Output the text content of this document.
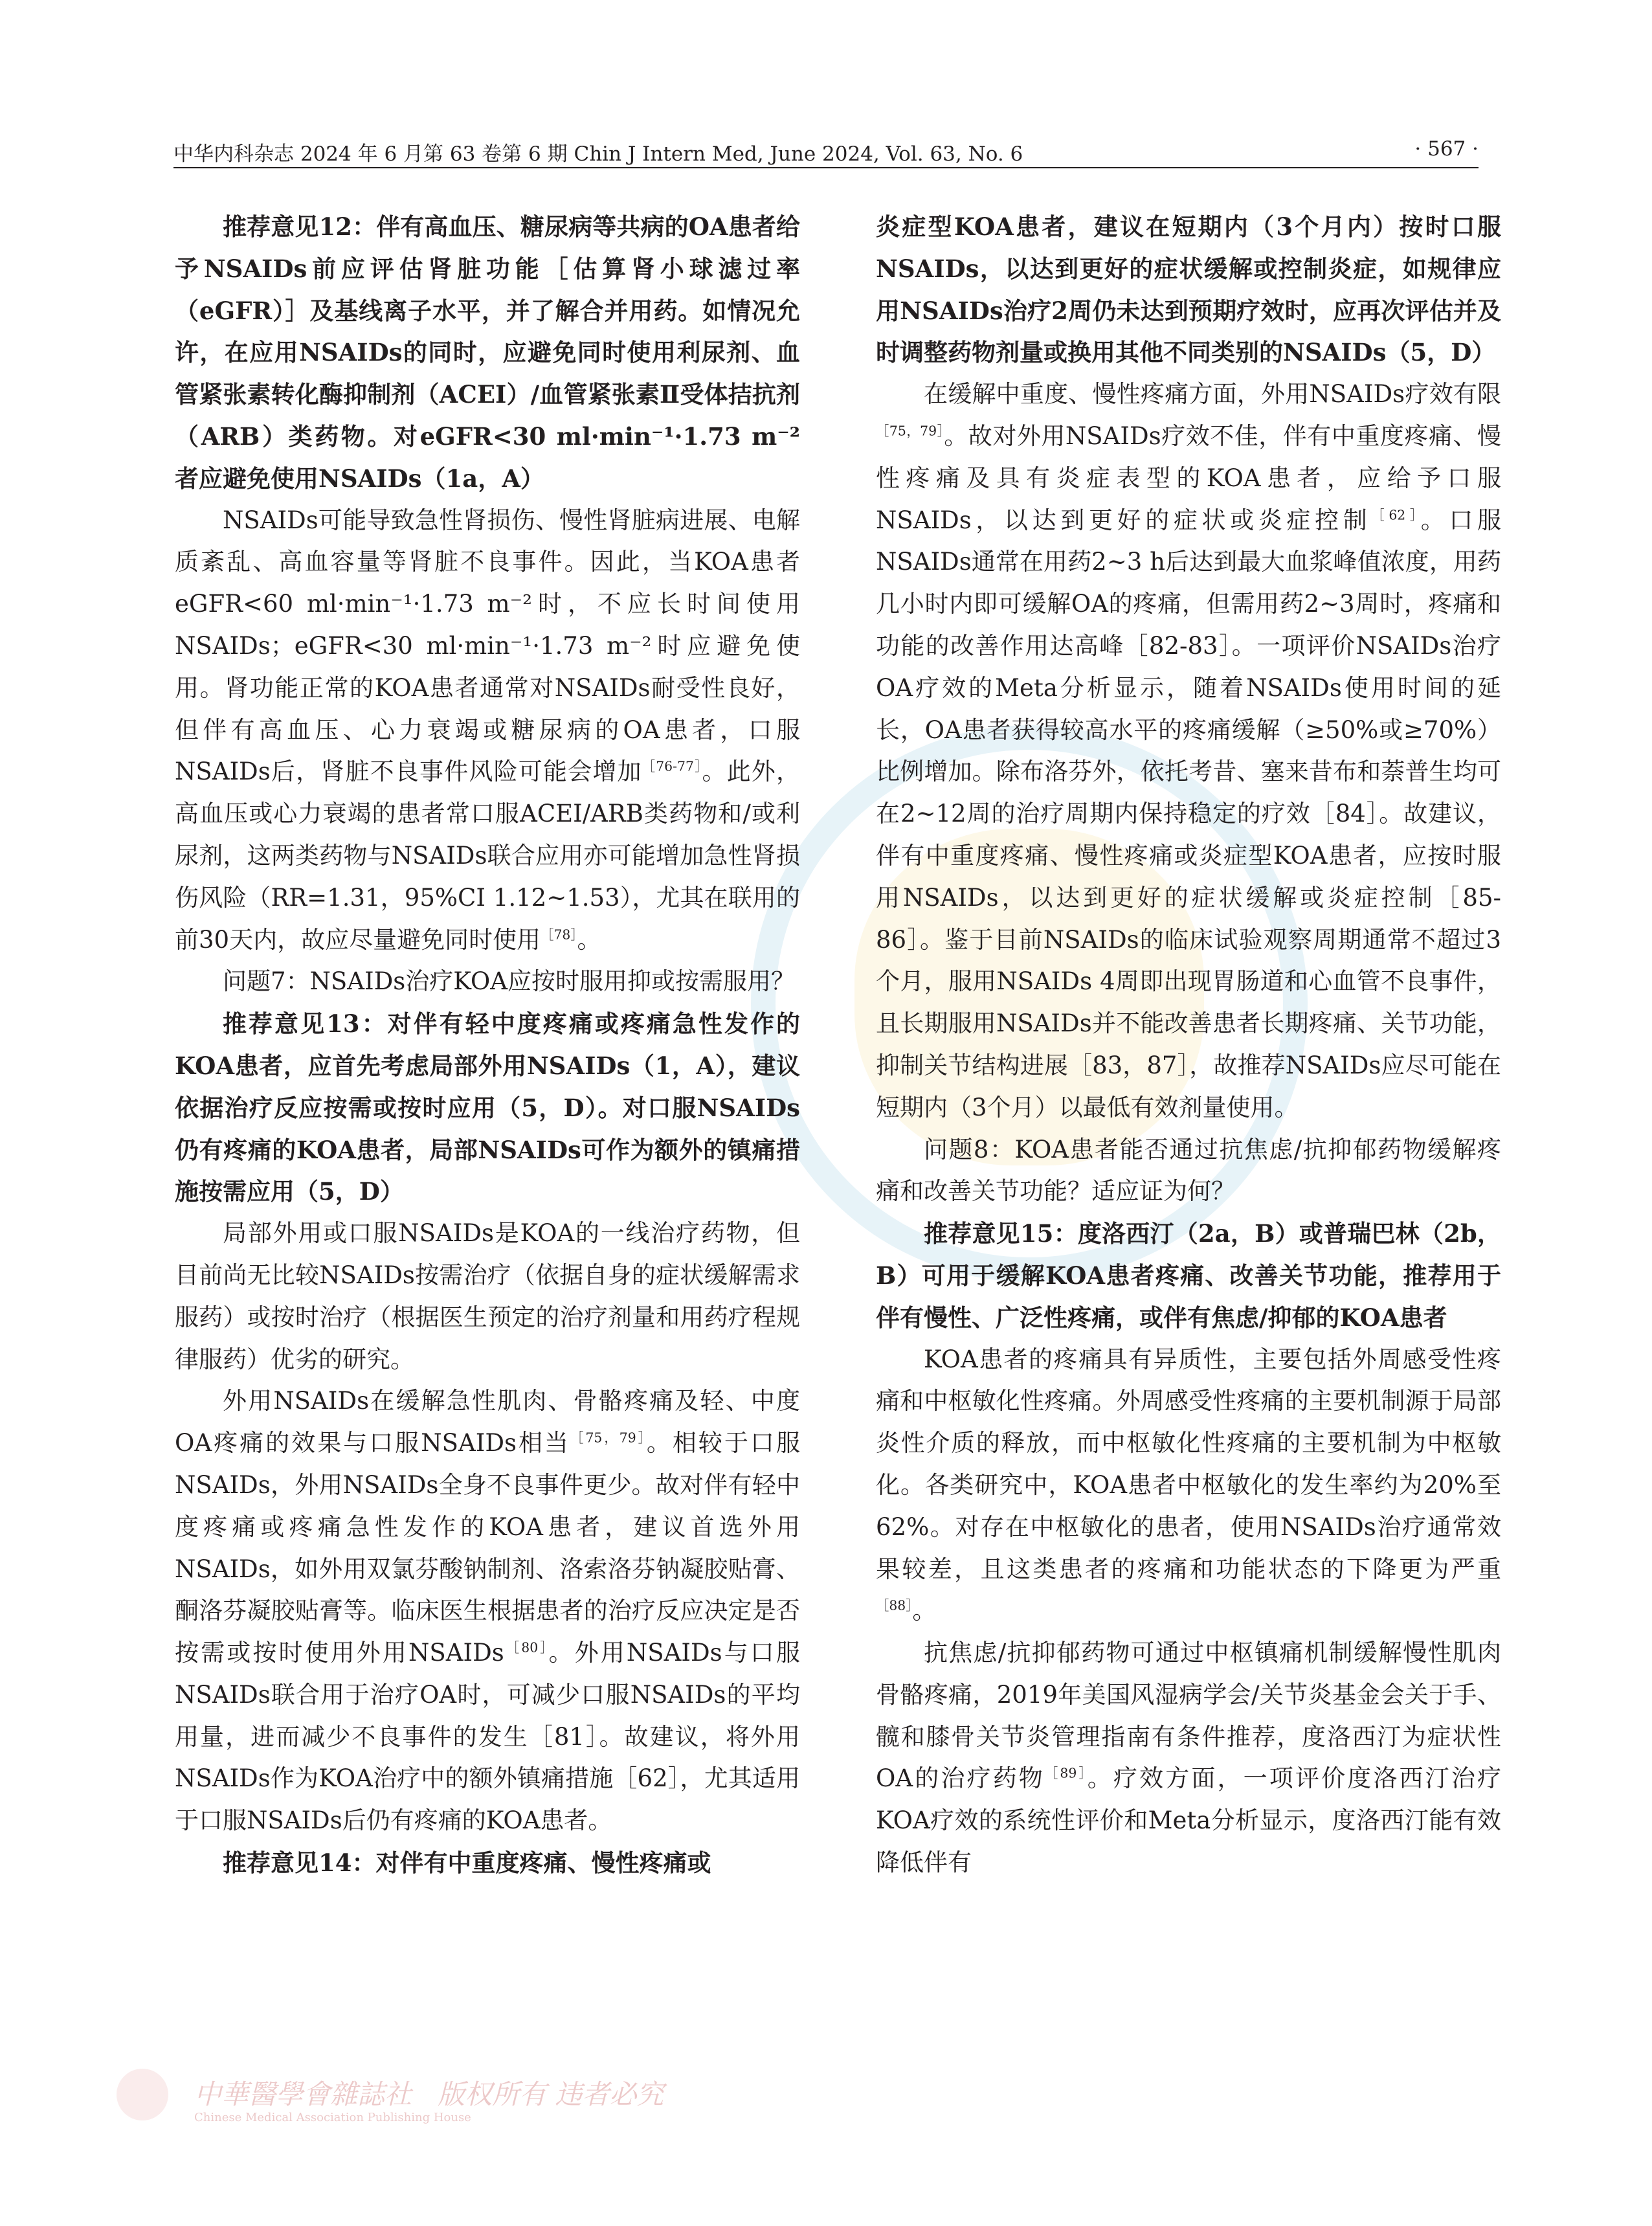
中华内科杂志 2024 年 6 月第 63 卷第 6 期 Chin J Intern Med, June 2024, Vol. 63, No. 6	· 567 ·

推荐意见12：伴有高血压、糖尿病等共病的OA患者给予NSAIDs前应评估肾脏功能［估算肾小球滤过率（eGFR）］及基线离子水平，并了解合并用药。如情况允许，在应用NSAIDs的同时，应避免同时使用利尿剂、血管紧张素转化酶抑制剂（ACEI）/血管紧张素Ⅱ受体拮抗剂（ARB）类药物。对eGFR<30 ml·min⁻¹·1.73 m⁻²者应避免使用NSAIDs（1a，A）

NSAIDs可能导致急性肾损伤、慢性肾脏病进展、电解质紊乱、高血容量等肾脏不良事件。因此，当KOA患者eGFR<60 ml·min⁻¹·1.73 m⁻²时，不应长时间使用NSAIDs；eGFR<30 ml·min⁻¹·1.73 m⁻²时应避免使用。肾功能正常的KOA患者通常对NSAIDs耐受性良好，但伴有高血压、心力衰竭或糖尿病的OA患者，口服NSAIDs后，肾脏不良事件风险可能会增加$^{[76-77]}$。此外，高血压或心力衰竭的患者常口服ACEI/ARB类药物和/或利尿剂，这两类药物与NSAIDs联合应用亦可能增加急性肾损伤风险（RR=1.31，95%CI 1.12~1.53），尤其在联用的前30天内，故应尽量避免同时使用$^{[78]}$。

问题7：NSAIDs治疗KOA应按时服用抑或按需服用？

推荐意见13：对伴有轻中度疼痛或疼痛急性发作的KOA患者，应首先考虑局部外用NSAIDs（1，A），建议依据治疗反应按需或按时应用（5，D）。对口服NSAIDs仍有疼痛的KOA患者，局部NSAIDs可作为额外的镇痛措施按需应用（5，D）

局部外用或口服NSAIDs是KOA的一线治疗药物，但目前尚无比较NSAIDs按需治疗（依据自身的症状缓解需求服药）或按时治疗（根据医生预定的治疗剂量和用药疗程规律服药）优劣的研究。

外用NSAIDs在缓解急性肌肉、骨骼疼痛及轻、中度OA疼痛的效果与口服NSAIDs相当$^{[75,79]}$。相较于口服NSAIDs，外用NSAIDs全身不良事件更少。故对伴有轻中度疼痛或疼痛急性发作的KOA患者，建议首选外用NSAIDs，如外用双氯芬酸钠制剂、洛索洛芬钠凝胶贴膏、酮洛芬凝胶贴膏等。临床医生根据患者的治疗反应决定是否按需或按时使用外用NSAIDs$^{[80]}$。外用NSAIDs与口服NSAIDs联合用于治疗OA时，可减少口服NSAIDs的平均用量，进而减少不良事件的发生［81］。故建议，将外用NSAIDs作为KOA治疗中的额外镇痛措施［62］，尤其适用于口服NSAIDs后仍有疼痛的KOA患者。

推荐意见14：对伴有中重度疼痛、慢性疼痛或

炎症型KOA患者，建议在短期内（3个月内）按时口服NSAIDs，以达到更好的症状缓解或控制炎症，如规律应用NSAIDs治疗2周仍未达到预期疗效时，应再次评估并及时调整药物剂量或换用其他不同类别的NSAIDs（5，D）

在缓解中重度、慢性疼痛方面，外用NSAIDs疗效有限$^{[75,79]}$。故对外用NSAIDs疗效不佳，伴有中重度疼痛、慢性疼痛及具有炎症表型的KOA患者，应给予口服NSAIDs，以达到更好的症状或炎症控制$^{[62]}$。口服NSAIDs通常在用药2~3 h后达到最大血浆峰值浓度，用药几小时内即可缓解OA的疼痛，但需用药2~3周时，疼痛和功能的改善作用达高峰［82-83］。一项评价NSAIDs治疗OA疗效的Meta分析显示，随着NSAIDs使用时间的延长，OA患者获得较高水平的疼痛缓解（≥50%或≥70%）比例增加。除布洛芬外，依托考昔、塞来昔布和萘普生均可在2~12周的治疗周期内保持稳定的疗效［84］。故建议，伴有中重度疼痛、慢性疼痛或炎症型KOA患者，应按时服用NSAIDs，以达到更好的症状缓解或炎症控制［85-86］。鉴于目前NSAIDs的临床试验观察周期通常不超过3个月，服用NSAIDs 4周即出现胃肠道和心血管不良事件，且长期服用NSAIDs并不能改善患者长期疼痛、关节功能，抑制关节结构进展［83，87］，故推荐NSAIDs应尽可能在短期内（3个月）以最低有效剂量使用。

问题8：KOA患者能否通过抗焦虑/抗抑郁药物缓解疼痛和改善关节功能？适应证为何？

推荐意见15：度洛西汀（2a，B）或普瑞巴林（2b，B）可用于缓解KOA患者疼痛、改善关节功能，推荐用于伴有慢性、广泛性疼痛，或伴有焦虑/抑郁的KOA患者

KOA患者的疼痛具有异质性，主要包括外周感受性疼痛和中枢敏化性疼痛。外周感受性疼痛的主要机制源于局部炎性介质的释放，而中枢敏化性疼痛的主要机制为中枢敏化。各类研究中，KOA患者中枢敏化的发生率约为20%至62%。对存在中枢敏化的患者，使用NSAIDs治疗通常效果较差，且这类患者的疼痛和功能状态的下降更为严重$^{[88]}$。

抗焦虑/抗抑郁药物可通过中枢镇痛机制缓解慢性肌肉骨骼疼痛，2019年美国风湿病学会/关节炎基金会关于手、髋和膝骨关节炎管理指南有条件推荐，度洛西汀为症状性OA的治疗药物$^{[89]}$。疗效方面，一项评价度洛西汀治疗KOA疗效的系统性评价和Meta分析显示，度洛西汀能有效降低伴有

中華醫學會雜誌社 版权所有 违者必究
Chinese Medical Association Publishing House
